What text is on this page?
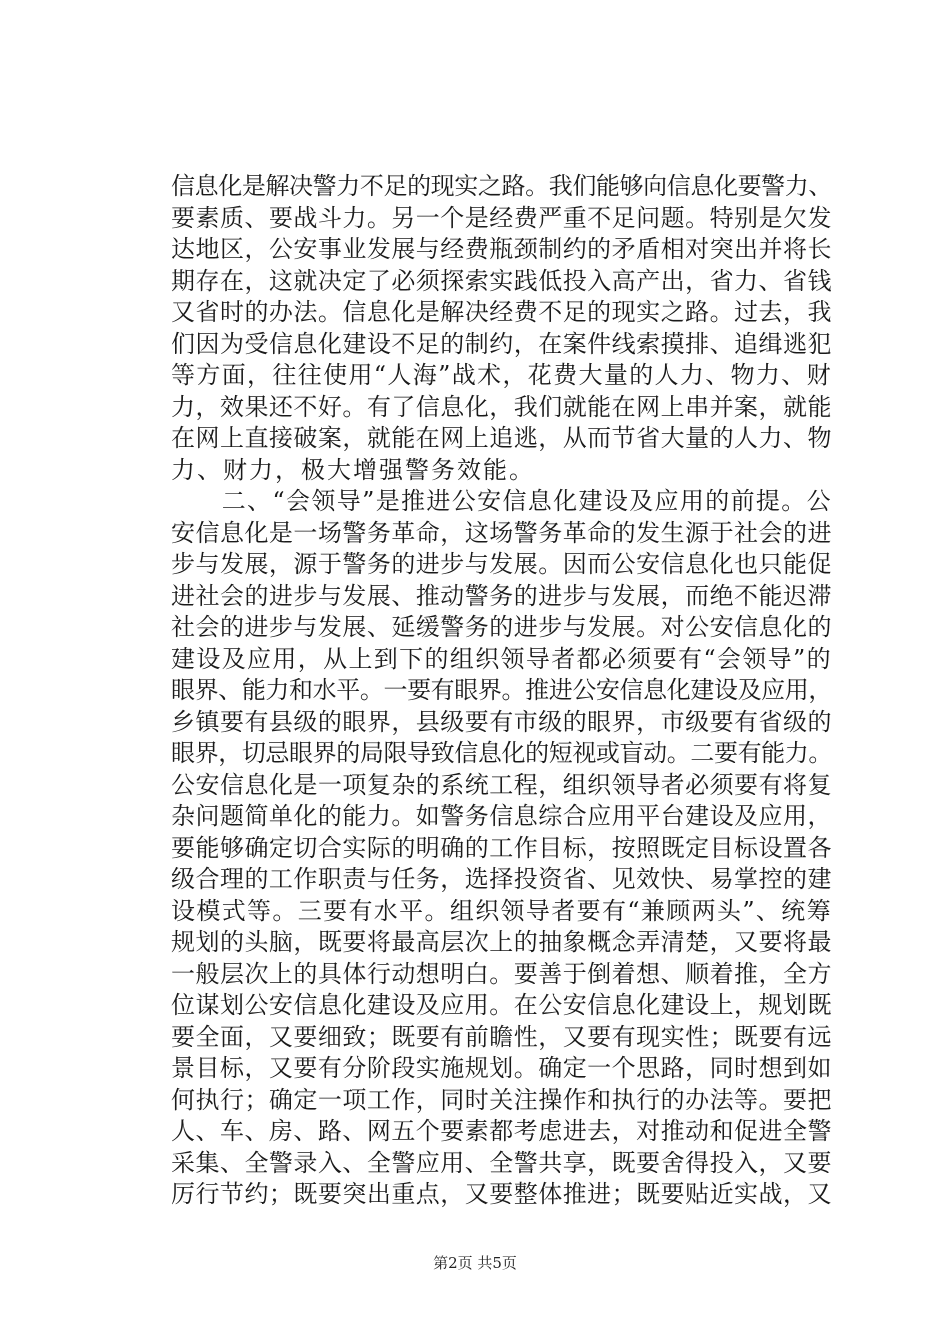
信息化是解决警力不足的现实之路。我们能够向信息化要警力、
要素质、要战斗力。另一个是经费严重不足问题。特别是欠发
达地区，公安事业发展与经费瓶颈制约的矛盾相对突出并将长
期存在，这就决定了必须探索实践低投入高产出，省力、省钱
又省时的办法。信息化是解决经费不足的现实之路。过去，我
们因为受信息化建设不足的制约，在案件线索摸排、追缉逃犯
等方面，往往使用“人海”战术，花费大量的人力、物力、财
力，效果还不好。有了信息化，我们就能在网上串并案，就能
在网上直接破案，就能在网上追逃，从而节省大量的人力、物
力、财力，极大增强警务效能。
　　二、“会领导”是推进公安信息化建设及应用的前提。公
安信息化是一场警务革命，这场警务革命的发生源于社会的进
步与发展，源于警务的进步与发展。因而公安信息化也只能促
进社会的进步与发展、推动警务的进步与发展，而绝不能迟滞
社会的进步与发展、延缓警务的进步与发展。对公安信息化的
建设及应用，从上到下的组织领导者都必须要有“会领导”的
眼界、能力和水平。一要有眼界。推进公安信息化建设及应用，
乡镇要有县级的眼界，县级要有市级的眼界，市级要有省级的
眼界，切忌眼界的局限导致信息化的短视或盲动。二要有能力。
公安信息化是一项复杂的系统工程，组织领导者必须要有将复
杂问题简单化的能力。如警务信息综合应用平台建设及应用，
要能够确定切合实际的明确的工作目标，按照既定目标设置各
级合理的工作职责与任务，选择投资省、见效快、易掌控的建
设模式等。三要有水平。组织领导者要有“兼顾两头”、统筹
规划的头脑，既要将最高层次上的抽象概念弄清楚，又要将最
一般层次上的具体行动想明白。要善于倒着想、顺着推，全方
位谋划公安信息化建设及应用。在公安信息化建设上，规划既
要全面，又要细致；既要有前瞻性，又要有现实性；既要有远
景目标，又要有分阶段实施规划。确定一个思路，同时想到如
何执行；确定一项工作，同时关注操作和执行的办法等。要把
人、车、房、路、网五个要素都考虑进去，对推动和促进全警
采集、全警录入、全警应用、全警共享，既要舍得投入，又要
厉行节约；既要突出重点，又要整体推进；既要贴近实战，又
第2页 共5页
